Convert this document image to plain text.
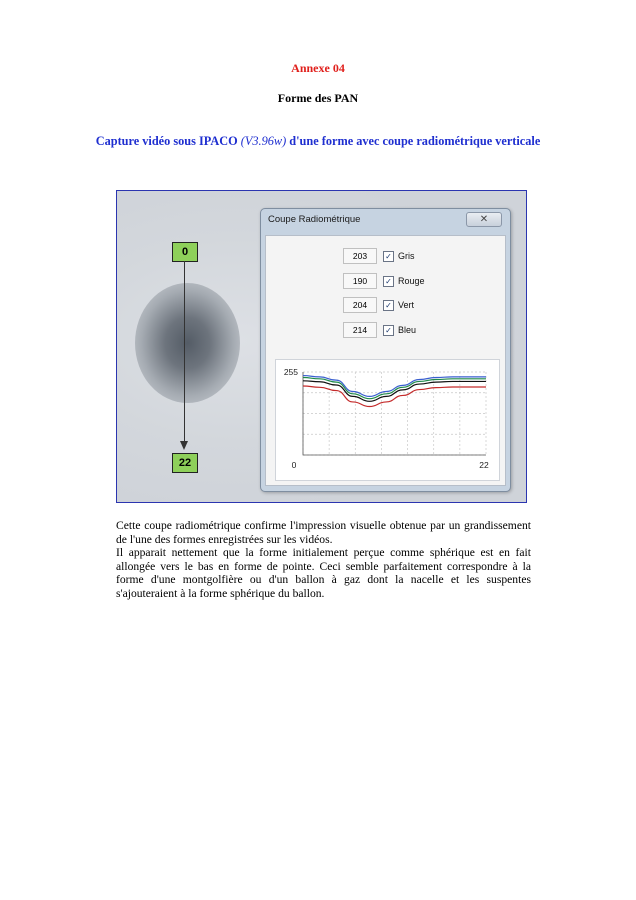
Annexe 04
Forme des PAN
Capture vidéo sous IPACO (V3.96w) d'une forme avec coupe radiométrique verticale
0
22
Coupe Radiométrique	✕
203	✓ Gris
190	✓ Rouge
204	✓ Vert
214	✓ Bleu
255
0	22
Cette coupe radiométrique confirme l'impression visuelle obtenue par un grandissement de l'une des formes enregistrées sur les vidéos.
Il apparait nettement que la forme initialement perçue comme sphérique est en fait allongée vers le bas en forme de pointe. Ceci semble parfaitement correspondre à la forme d'une montgolfière ou d'un ballon à gaz dont la nacelle et les suspentes s'ajouteraient à la forme sphérique du ballon.
